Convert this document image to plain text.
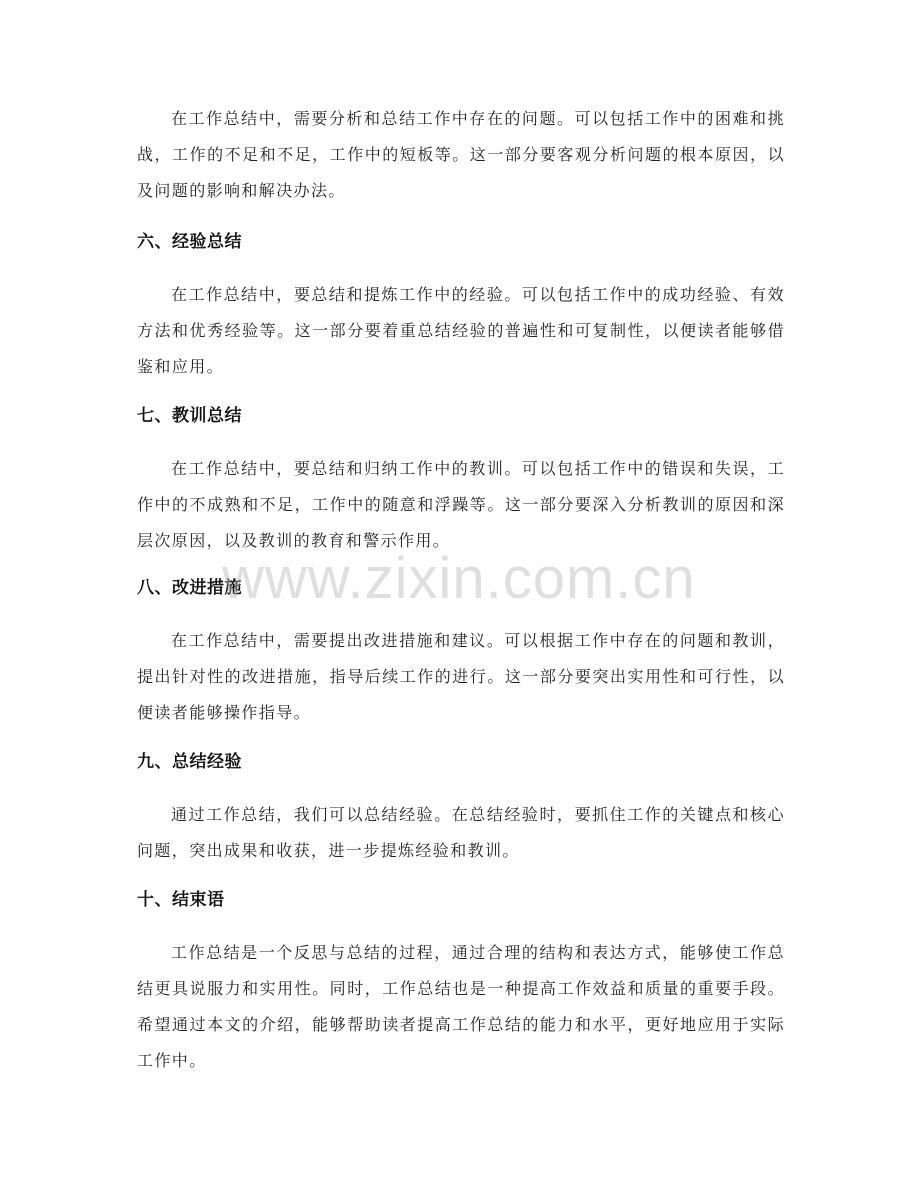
在工作总结中，需要分析和总结工作中存在的问题。可以包括工作中的困难和挑战，工作的不足和不足，工作中的短板等。这一部分要客观分析问题的根本原因，以及问题的影响和解决办法。

六、经验总结

在工作总结中，要总结和提炼工作中的经验。可以包括工作中的成功经验、有效方法和优秀经验等。这一部分要着重总结经验的普遍性和可复制性，以便读者能够借鉴和应用。

七、教训总结

在工作总结中，要总结和归纳工作中的教训。可以包括工作中的错误和失误，工作中的不成熟和不足，工作中的随意和浮躁等。这一部分要深入分析教训的原因和深层次原因，以及教训的教育和警示作用。

八、改进措施

在工作总结中，需要提出改进措施和建议。可以根据工作中存在的问题和教训，提出针对性的改进措施，指导后续工作的进行。这一部分要突出实用性和可行性，以便读者能够操作指导。

九、总结经验

通过工作总结，我们可以总结经验。在总结经验时，要抓住工作的关键点和核心问题，突出成果和收获，进一步提炼经验和教训。

十、结束语

工作总结是一个反思与总结的过程，通过合理的结构和表达方式，能够使工作总结更具说服力和实用性。同时，工作总结也是一种提高工作效益和质量的重要手段。希望通过本文的介绍，能够帮助读者提高工作总结的能力和水平，更好地应用于实际工作中。

www.zixin.com.cn
